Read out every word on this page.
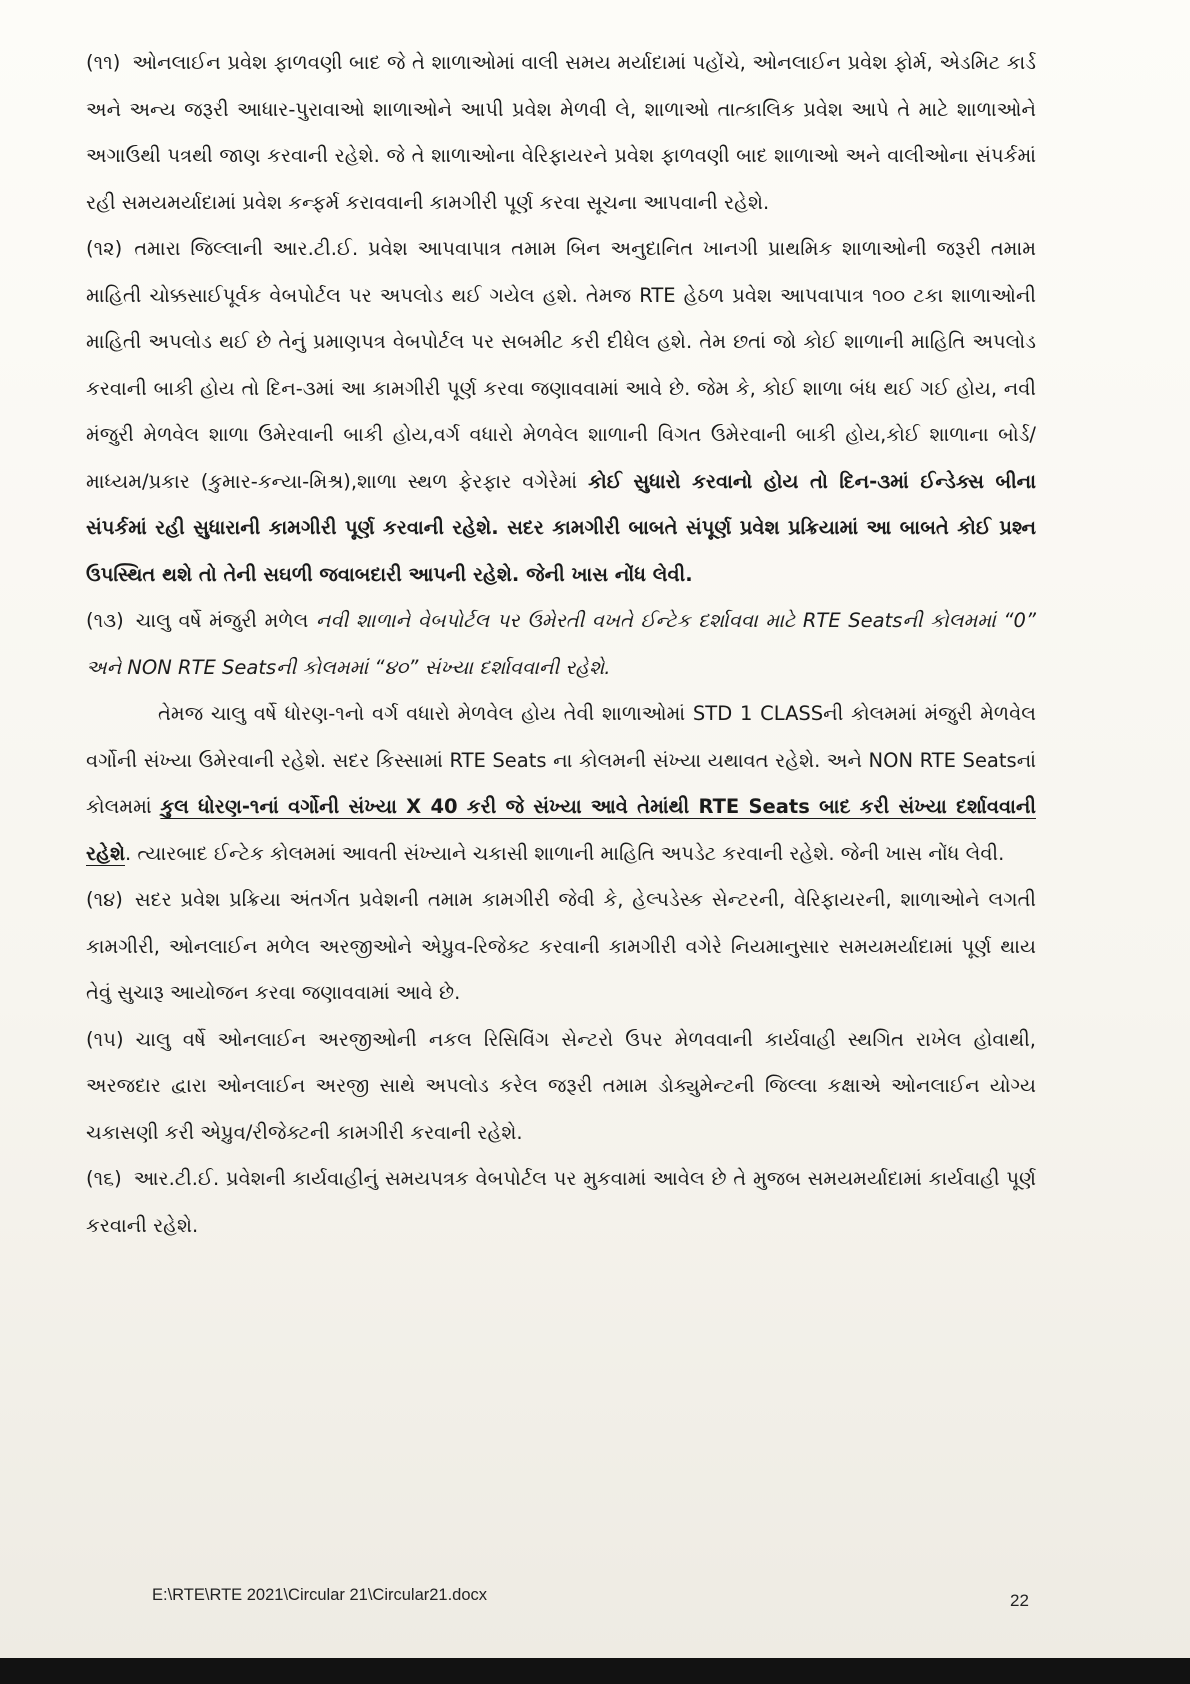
(૧૧) ઓનલાઈન પ્રવેશ ફાળવણી બાદ જે તે શાળાઓમાં વાલી સમય મર્યાદામાં પહોંચે, ઓનલાઈન પ્રવેશ ફોર્મ, એડમિટ કાર્ડ અને અન્ય જરૂરી આધાર-પુરાવાઓ શાળાઓને આપી પ્રવેશ મેળવી લે, શાળાઓ તાત્કાલિક પ્રવેશ આપે તે માટે શાળાઓને અગાઉથી પત્રથી જાણ કરવાની રહેશે. જે તે શાળાઓના વેરિફાયરને પ્રવેશ ફાળવણી બાદ શાળાઓ અને વાલીઓના સંપર્કમાં રહી સમયમર્યાદામાં પ્રવેશ કન્ફર્મ કરાવવાની કામગીરી પૂર્ણ કરવા સૂચના આપવાની રહેશે.

(૧૨) તમારા જિલ્લાની આર.ટી.ઈ. પ્રવેશ આપવાપાત્ર તમામ બિન અનુદાનિત ખાનગી પ્રાથમિક શાળાઓની જરૂરી તમામ માહિતી ચોક્કસાઈપૂર્વક વેબપોર્ટલ પર અપલોડ થઈ ગયેલ હશે. તેમજ RTE હેઠળ પ્રવેશ આપવાપાત્ર ૧૦૦ ટકા શાળાઓની માહિતી અપલોડ થઈ છે તેનું પ્રમાણપત્ર વેબપોર્ટલ પર સબમીટ કરી દીધેલ હશે. તેમ છતાં જો કોઈ શાળાની માહિતિ અપલોડ કરવાની બાકી હોય તો દિન-૩માં આ કામગીરી પૂર્ણ કરવા જણાવવામાં આવે છે. જેમ કે, કોઈ શાળા બંધ થઈ ગઈ હોય, નવી મંજુરી મેળવેલ શાળા ઉમેરવાની બાકી હોય,વર્ગ વધારો મેળવેલ શાળાની વિગત ઉમેરવાની બાકી હોય,કોઈ શાળાના બોર્ડ/માધ્યમ/પ્રકાર (કુમાર-કન્યા-મિશ્ર),શાળા સ્થળ ફેરફાર વગેરેમાં કોઈ સુધારો કરવાનો હોય તો દિન-૩માં ઈન્ડેક્સ બીના સંપર્કમાં રહી સુધારાની કામગીરી પૂર્ણ કરવાની રહેશે. સદર કામગીરી બાબતે સંપૂર્ણ પ્રવેશ પ્રક્રિયામાં આ બાબતે કોઈ પ્રશ્ન ઉપસ્થિત થશે તો તેની સઘળી જવાબદારી આપની રહેશે. જેની ખાસ નોંધ લેવી.

(૧૩) ચાલુ વર્ષે મંજુરી મળેલ નવી શાળાને વેબપોર્ટલ પર ઉમેરતી વખતે ઈન્ટેક દર્શાવવા માટે RTE Seatsની કોલમમાં “0” અને NON RTE Seatsની કોલમમાં “૪૦” સંખ્યા દર્શાવવાની રહેશે.

તેમજ ચાલુ વર્ષે ધોરણ-૧નો વર્ગ વધારો મેળવેલ હોય તેવી શાળાઓમાં STD 1 CLASSની કોલમમાં મંજુરી મેળવેલ વર્ગોની સંખ્યા ઉમેરવાની રહેશે. સદર કિસ્સામાં RTE Seats ના કોલમની સંખ્યા યથાવત રહેશે. અને NON RTE Seatsનાં કોલમમાં કુલ ધોરણ-૧નાં વર્ગોની સંખ્યા X 40 કરી જે સંખ્યા આવે તેમાંથી RTE Seats બાદ કરી સંખ્યા દર્શાવવાની રહેશે. ત્યારબાદ ઈન્ટેક કોલમમાં આવતી સંખ્યાને ચકાસી શાળાની માહિતિ અપડેટ કરવાની રહેશે. જેની ખાસ નોંધ લેવી.

(૧૪) સદર પ્રવેશ પ્રક્રિયા અંતર્ગત પ્રવેશની તમામ કામગીરી જેવી કે, હેલ્પડેસ્ક સેન્ટરની, વેરિફાયરની, શાળાઓને લગતી કામગીરી, ઓનલાઈન મળેલ અરજીઓને એપ્રુવ-રિજેક્ટ કરવાની કામગીરી વગેરે નિયમાનુસાર સમયમર્યાદામાં પૂર્ણ થાય તેવું સુચારૂ આયોજન કરવા જણાવવામાં આવે છે.

(૧૫) ચાલુ વર્ષે ઓનલાઈન અરજીઓની નકલ રિસિવિંગ સેન્ટરો ઉપર મેળવવાની કાર્યવાહી સ્થગિત રાખેલ હોવાથી, અરજદાર દ્વારા ઓનલાઈન અરજી સાથે અપલોડ કરેલ જરૂરી તમામ ડોક્યુમેન્ટની જિલ્લા કક્ષાએ ઓનલાઈન યોગ્ય ચકાસણી કરી એપ્રુવ/રીજેક્ટની કામગીરી કરવાની રહેશે.

(૧૬) આર.ટી.ઈ. પ્રવેશની કાર્યવાહીનું સમયપત્રક વેબપોર્ટલ પર મુકવામાં આવેલ છે તે મુજબ સમયમર્યાદામાં કાર્યવાહી પૂર્ણ કરવાની રહેશે.

E:\RTE\RTE 2021\Circular 21\Circular21.docx	22
